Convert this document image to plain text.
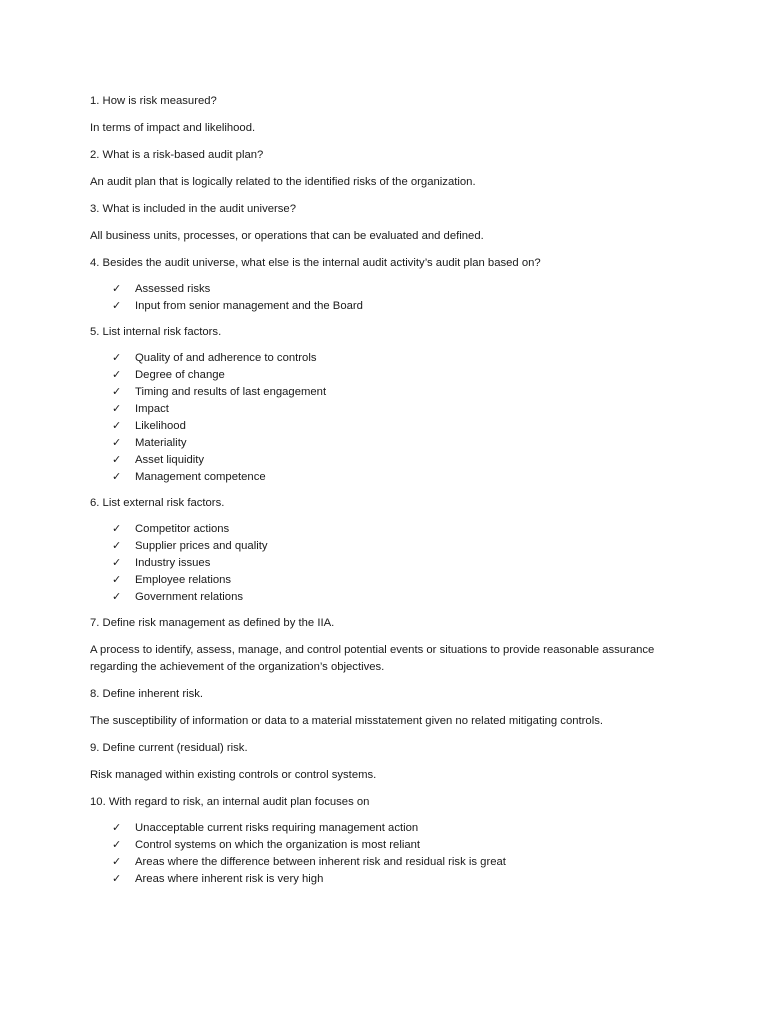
1. How is risk measured?

In terms of impact and likelihood.

2. What is a risk-based audit plan?

An audit plan that is logically related to the identified risks of the organization.

3. What is included in the audit universe?

All business units, processes, or operations that can be evaluated and defined.

4. Besides the audit universe, what else is the internal audit activity’s audit plan based on?

✓ Assessed risks
✓ Input from senior management and the Board

5. List internal risk factors.

✓ Quality of and adherence to controls
✓ Degree of change
✓ Timing and results of last engagement
✓ Impact
✓ Likelihood
✓ Materiality
✓ Asset liquidity
✓ Management competence

6. List external risk factors.

✓ Competitor actions
✓ Supplier prices and quality
✓ Industry issues
✓ Employee relations
✓ Government relations

7. Define risk management as defined by the IIA.

A process to identify, assess, manage, and control potential events or situations to provide reasonable assurance

regarding the achievement of the organization’s objectives.

8. Define inherent risk.

The susceptibility of information or data to a material misstatement given no related mitigating controls.

9. Define current (residual) risk.

Risk managed within existing controls or control systems.

10. With regard to risk, an internal audit plan focuses on

✓ Unacceptable current risks requiring management action
✓ Control systems on which the organization is most reliant
✓ Areas where the difference between inherent risk and residual risk is great
✓ Areas where inherent risk is very high
